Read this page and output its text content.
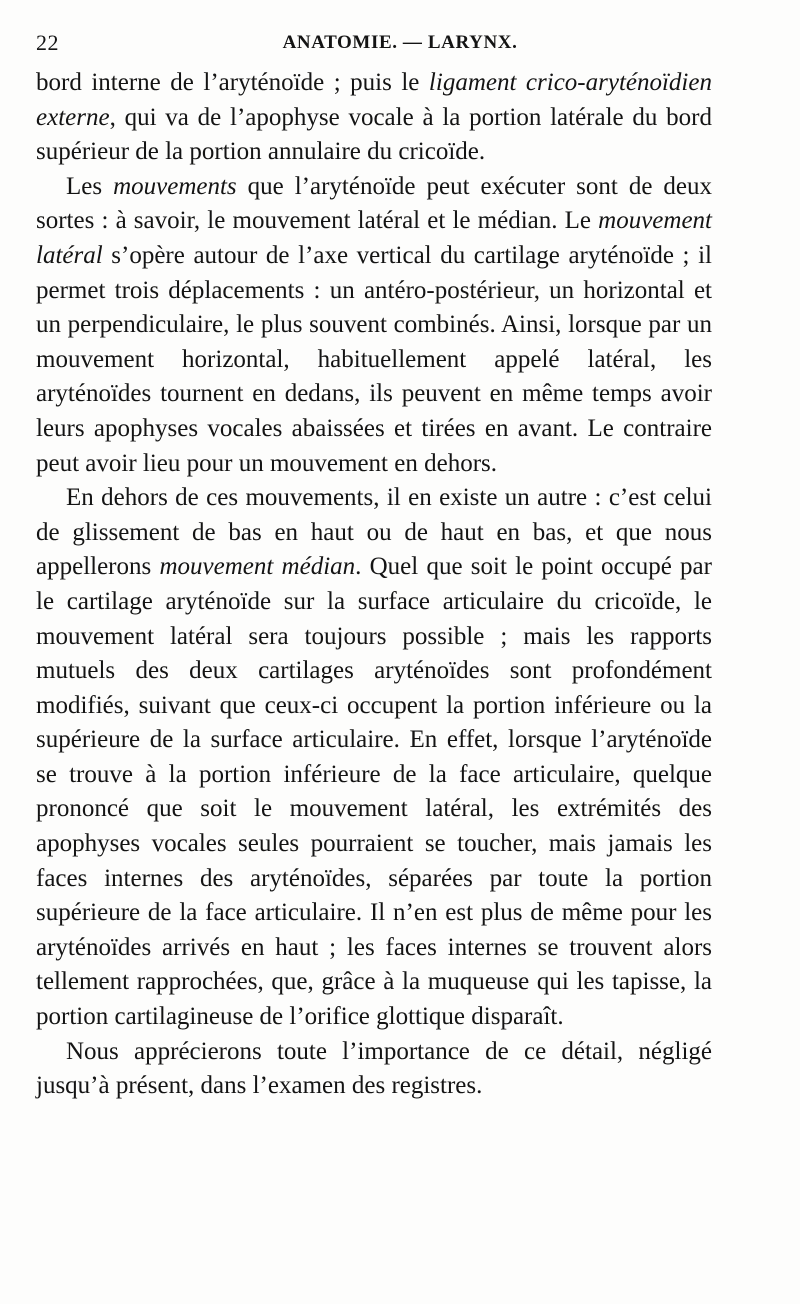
22	ANATOMIE. — LARYNX.

bord interne de l’aryténoïde ; puis le ligament crico-aryténoïdien externe, qui va de l’apophyse vocale à la portion latérale du bord supérieur de la portion annulaire du cricoïde.

Les mouvements que l’aryténoïde peut exécuter sont de deux sortes : à savoir, le mouvement latéral et le médian. Le mouvement latéral s’opère autour de l’axe vertical du cartilage aryténoïde ; il permet trois déplacements : un antéro-postérieur, un horizontal et un perpendiculaire, le plus souvent combinés. Ainsi, lorsque par un mouvement horizontal, habituellement appelé latéral, les aryténoïdes tournent en dedans, ils peuvent en même temps avoir leurs apophyses vocales abaissées et tirées en avant. Le contraire peut avoir lieu pour un mouvement en dehors.

En dehors de ces mouvements, il en existe un autre : c’est celui de glissement de bas en haut ou de haut en bas, et que nous appellerons mouvement médian. Quel que soit le point occupé par le cartilage aryténoïde sur la surface articulaire du cricoïde, le mouvement latéral sera toujours possible ; mais les rapports mutuels des deux cartilages aryténoïdes sont profondément modifiés, suivant que ceux-ci occupent la portion inférieure ou la supérieure de la surface articulaire. En effet, lorsque l’aryténoïde se trouve à la portion inférieure de la face articulaire, quelque prononcé que soit le mouvement latéral, les extrémités des apophyses vocales seules pourraient se toucher, mais jamais les faces internes des aryténoïdes, séparées par toute la portion supérieure de la face articulaire. Il n’en est plus de même pour les aryténoïdes arrivés en haut ; les faces internes se trouvent alors tellement rapprochées, que, grâce à la muqueuse qui les tapisse, la portion cartilagineuse de l’orifice glottique disparaît.

Nous apprécierons toute l’importance de ce détail, négligé jusqu’à présent, dans l’examen des registres.
